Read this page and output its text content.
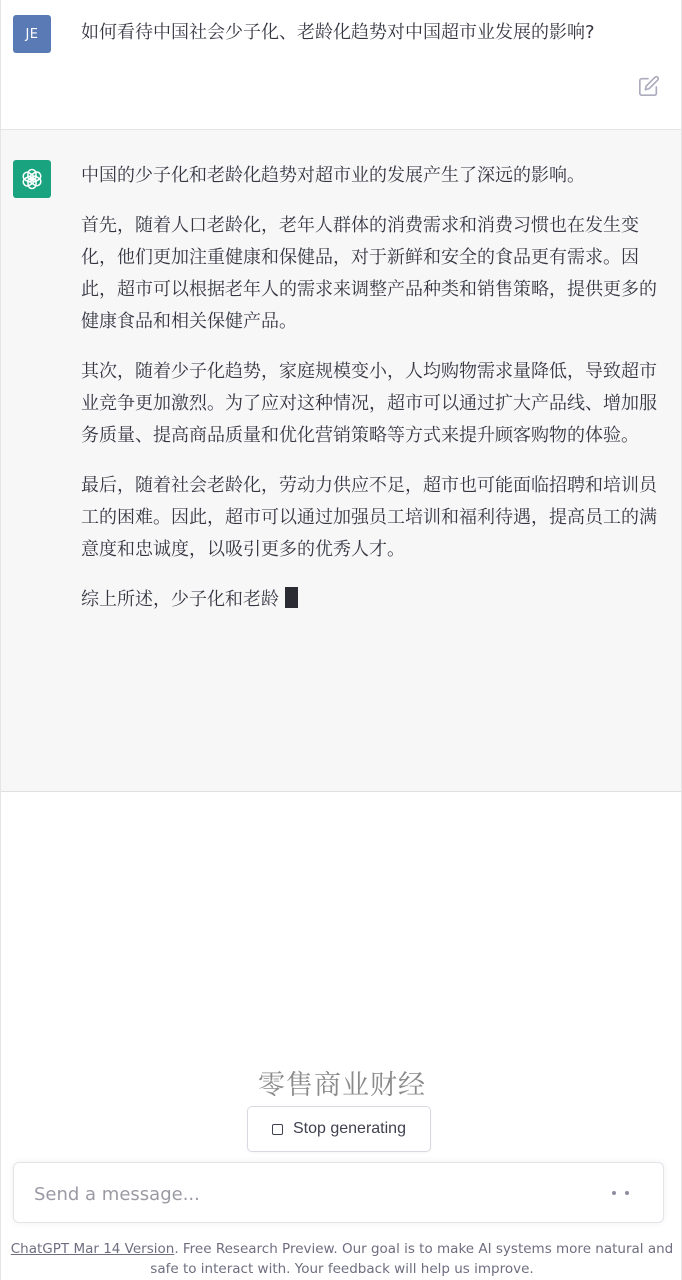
JE	如何看待中国社会少子化、老龄化趋势对中国超市业发展的影响?

中国的少子化和老龄化趋势对超市业的发展产生了深远的影响。

首先，随着人口老龄化，老年人群体的消费需求和消费习惯也在发生变化，他们更加注重健康和保健品，对于新鲜和安全的食品更有需求。因此，超市可以根据老年人的需求来调整产品种类和销售策略，提供更多的健康食品和相关保健产品。

其次，随着少子化趋势，家庭规模变小，人均购物需求量降低，导致超市业竞争更加激烈。为了应对这种情况，超市可以通过扩大产品线、增加服务质量、提高商品质量和优化营销策略等方式来提升顾客购物的体验。

最后，随着社会老龄化，劳动力供应不足，超市也可能面临招聘和培训员工的困难。因此，超市可以通过加强员工培训和福利待遇，提高员工的满意度和忠诚度，以吸引更多的优秀人才。

综上所述，少子化和老龄

零售商业财经
Stop generating
Send a message...
ChatGPT Mar 14 Version. Free Research Preview. Our goal is to make AI systems more natural and safe to interact with. Your feedback will help us improve.
